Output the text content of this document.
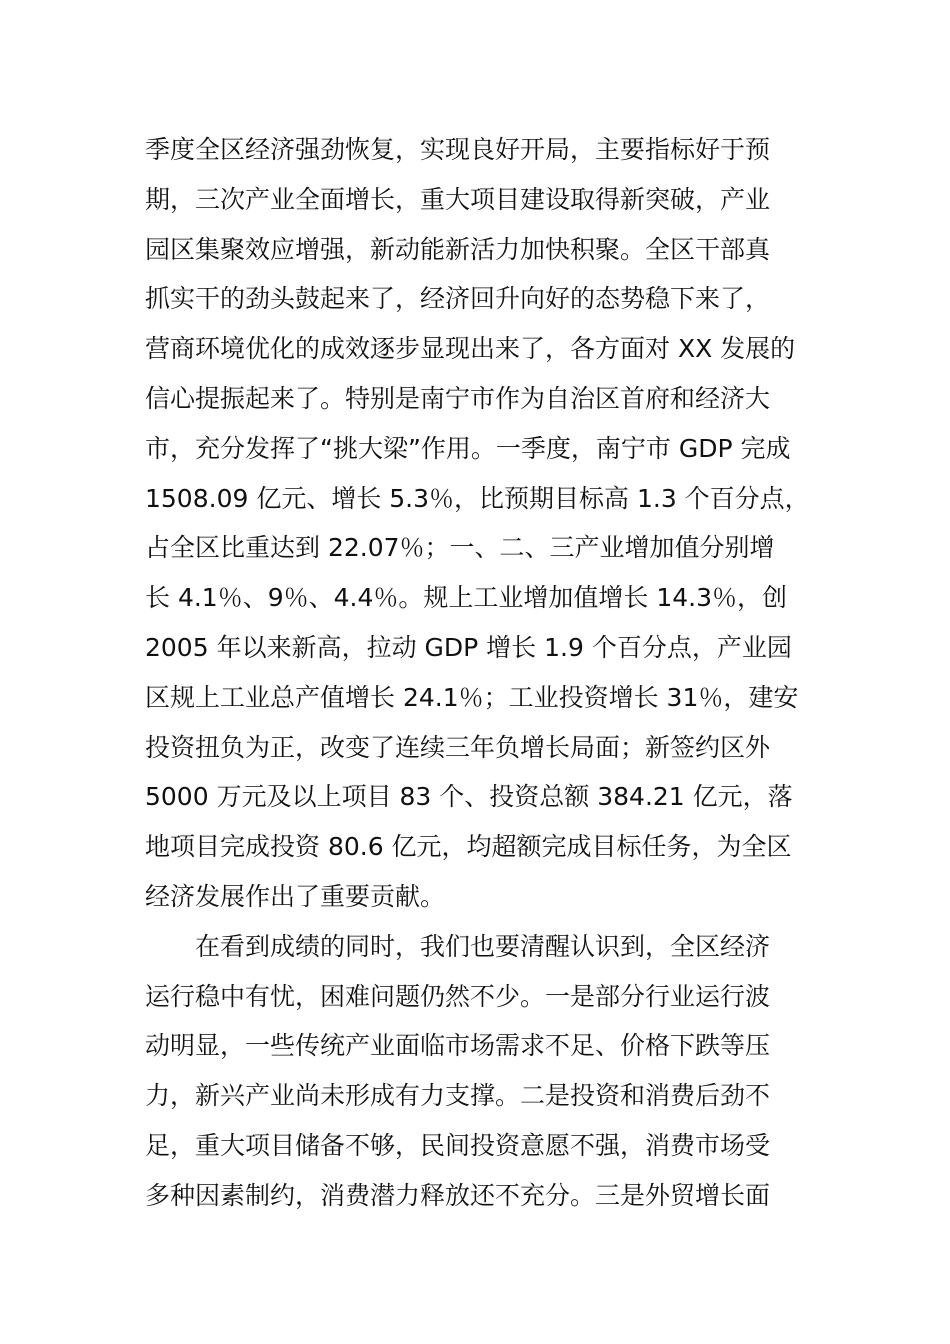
季度全区经济强劲恢复，实现良好开局，主要指标好于预
期，三次产业全面增长，重大项目建设取得新突破，产业
园区集聚效应增强，新动能新活力加快积聚。全区干部真
抓实干的劲头鼓起来了，经济回升向好的态势稳下来了，
营商环境优化的成效逐步显现出来了，各方面对 XX 发展的
信心提振起来了。特别是南宁市作为自治区首府和经济大
市，充分发挥了“挑大梁”作用。一季度，南宁市 GDP 完成
1508.09 亿元、增长 5.3％，比预期目标高 1.3 个百分点，
占全区比重达到 22.07％；一、二、三产业增加值分别增
长 4.1％、9％、4.4％。规上工业增加值增长 14.3％，创
2005 年以来新高，拉动 GDP 增长 1.9 个百分点，产业园
区规上工业总产值增长 24.1％；工业投资增长 31％，建安
投资扭负为正，改变了连续三年负增长局面；新签约区外
5000 万元及以上项目 83 个、投资总额 384.21 亿元，落
地项目完成投资 80.6 亿元，均超额完成目标任务，为全区
经济发展作出了重要贡献。
　　在看到成绩的同时，我们也要清醒认识到，全区经济
运行稳中有忧，困难问题仍然不少。一是部分行业运行波
动明显，一些传统产业面临市场需求不足、价格下跌等压
力，新兴产业尚未形成有力支撑。二是投资和消费后劲不
足，重大项目储备不够，民间投资意愿不强，消费市场受
多种因素制约，消费潜力释放还不充分。三是外贸增长面
